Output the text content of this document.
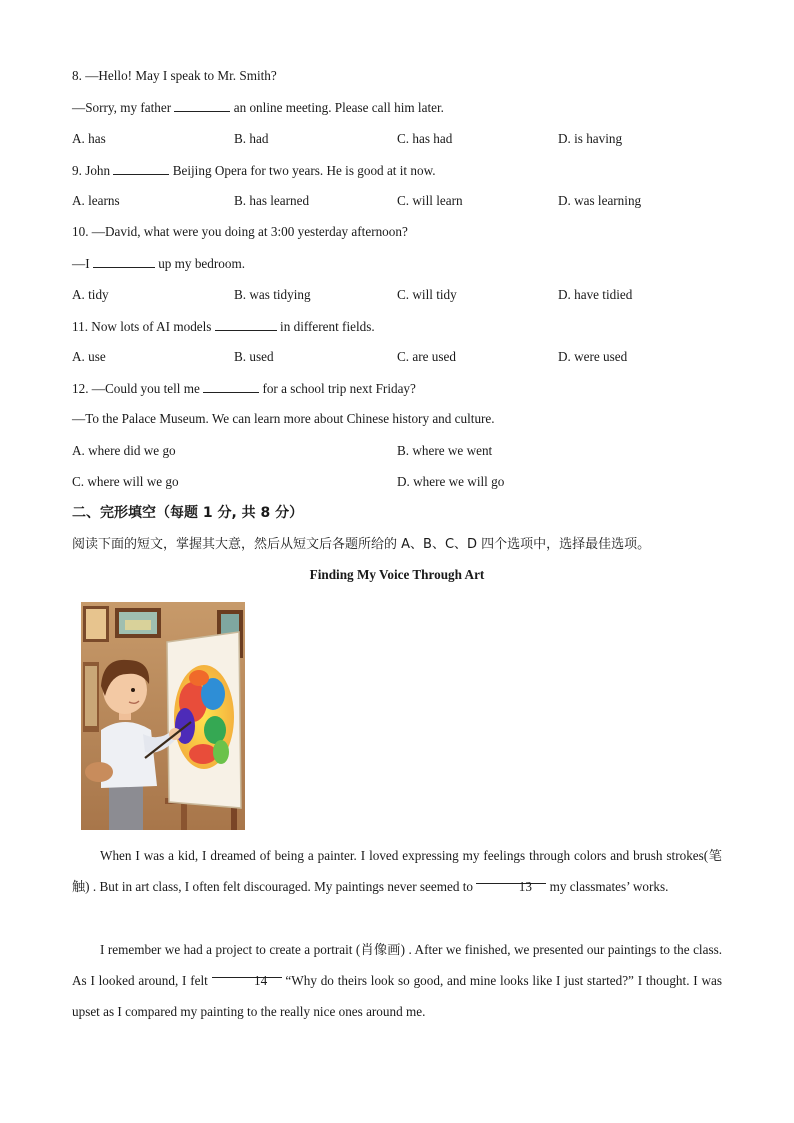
8. —Hello! May I speak to Mr. Smith?
—Sorry, my father	an online meeting. Please call him later.
A. has	B. had	C. has had	D. is having
9. John	Beijing Opera for two years. He is good at it now.
A. learns	B. has learned	C. will learn	D. was learning
10. —David, what were you doing at 3:00 yesterday afternoon?
—I	up my bedroom.
A. tidy	B. was tidying	C. will tidy	D. have tidied
11. Now lots of AI models	in different fields.
A. use	B. used	C. are used	D. were used
12. —Could you tell me	for a school trip next Friday?
—To the Palace Museum. We can learn more about Chinese history and culture.
A. where did we go	B. where we went
C. where will we go	D. where we will go
二、完形填空（每题 1 分, 共 8 分）
阅读下面的短文，掌握其大意，然后从短文后各题所给的 A、B、C、D 四个选项中，选择最佳选项。
Finding My Voice Through Art
When I was a kid, I dreamed of being a painter. I loved expressing my feelings through colors and brush strokes(笔触) . But in art class, I often felt discouraged. My paintings never seemed to	13 my classmates’ works.
I remember we had a project to create a portrait (肖像画) . After we finished, we presented our paintings to the class. As I looked around, I felt	14 “Why do theirs look so good, and mine looks like I just started?” I thought. I was upset as I compared my painting to the really nice ones around me.
